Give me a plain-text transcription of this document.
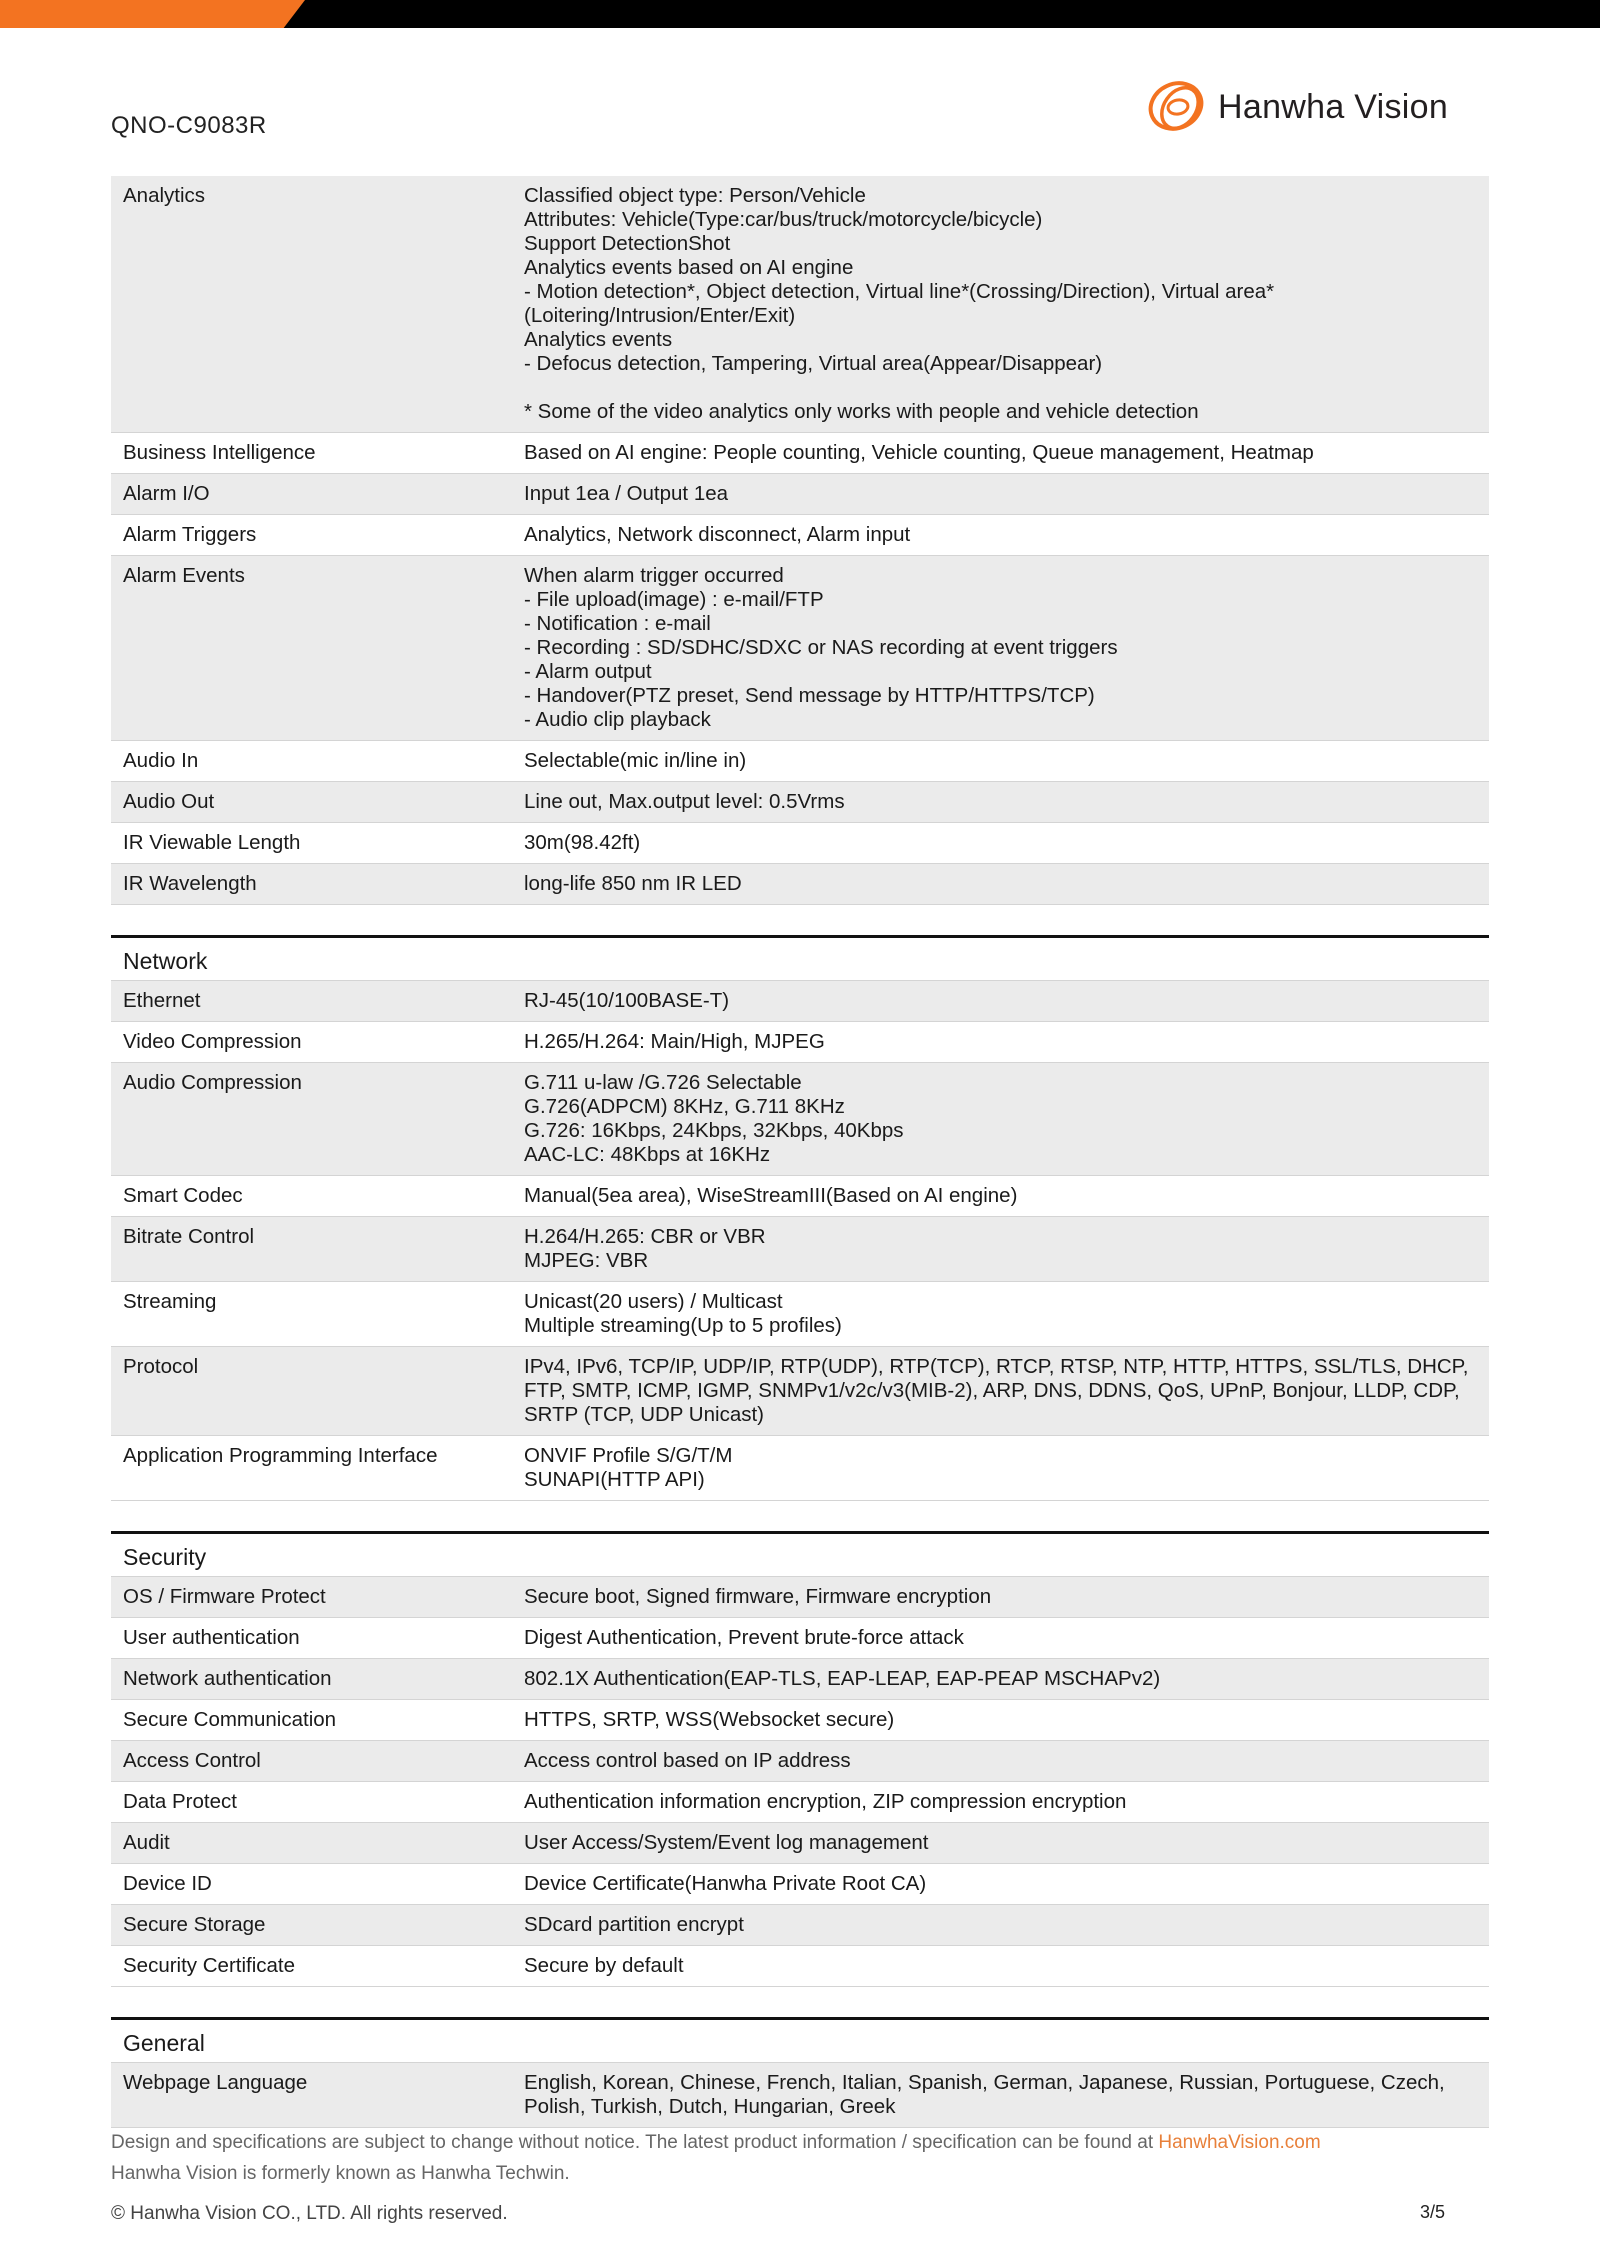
QNO-C9083R	Hanwha Vision
Analytics	Classified object type: Person/Vehicle
Attributes: Vehicle(Type:car/bus/truck/motorcycle/bicycle)
Support DetectionShot
Analytics events based on AI engine
- Motion detection*, Object detection, Virtual line*(Crossing/Direction), Virtual area*(Loitering/Intrusion/Enter/Exit)
Analytics events
- Defocus detection, Tampering, Virtual area(Appear/Disappear)

* Some of the video analytics only works with people and vehicle detection
Business Intelligence	Based on AI engine: People counting, Vehicle counting, Queue management, Heatmap
Alarm I/O	Input 1ea / Output 1ea
Alarm Triggers	Analytics, Network disconnect, Alarm input
Alarm Events	When alarm trigger occurred
- File upload(image) : e-mail/FTP
- Notification : e-mail
- Recording : SD/SDHC/SDXC or NAS recording at event triggers
- Alarm output
- Handover(PTZ preset, Send message by HTTP/HTTPS/TCP)
- Audio clip playback
Audio In	Selectable(mic in/line in)
Audio Out	Line out, Max.output level: 0.5Vrms
IR Viewable Length	30m(98.42ft)
IR Wavelength	long-life 850 nm IR LED
Network
Ethernet	RJ-45(10/100BASE-T)
Video Compression	H.265/H.264: Main/High, MJPEG
Audio Compression	G.711 u-law /G.726 Selectable
G.726(ADPCM) 8KHz, G.711 8KHz
G.726: 16Kbps, 24Kbps, 32Kbps, 40Kbps
AAC-LC: 48Kbps at 16KHz
Smart Codec	Manual(5ea area), WiseStreamIII(Based on AI engine)
Bitrate Control	H.264/H.265: CBR or VBR
MJPEG: VBR
Streaming	Unicast(20 users) / Multicast
Multiple streaming(Up to 5 profiles)
Protocol	IPv4, IPv6, TCP/IP, UDP/IP, RTP(UDP), RTP(TCP), RTCP, RTSP, NTP, HTTP, HTTPS, SSL/TLS, DHCP, FTP, SMTP, ICMP, IGMP, SNMPv1/v2c/v3(MIB-2), ARP, DNS, DDNS, QoS, UPnP, Bonjour, LLDP, CDP, SRTP (TCP, UDP Unicast)
Application Programming Interface	ONVIF Profile S/G/T/M
SUNAPI(HTTP API)
Security
OS / Firmware Protect	Secure boot, Signed firmware, Firmware encryption
User authentication	Digest Authentication, Prevent brute-force attack
Network authentication	802.1X Authentication(EAP-TLS, EAP-LEAP, EAP-PEAP MSCHAPv2)
Secure Communication	HTTPS, SRTP, WSS(Websocket secure)
Access Control	Access control based on IP address
Data Protect	Authentication information encryption, ZIP compression encryption
Audit	User Access/System/Event log management
Device ID	Device Certificate(Hanwha Private Root CA)
Secure Storage	SDcard partition encrypt
Security Certificate	Secure by default
General
Webpage Language	English, Korean, Chinese, French, Italian, Spanish, German, Japanese, Russian, Portuguese, Czech, Polish, Turkish, Dutch, Hungarian, Greek
Design and specifications are subject to change without notice. The latest product information / specification can be found at HanwhaVision.com
Hanwha Vision is formerly known as Hanwha Techwin.
© Hanwha Vision CO., LTD. All rights reserved.	3/5
